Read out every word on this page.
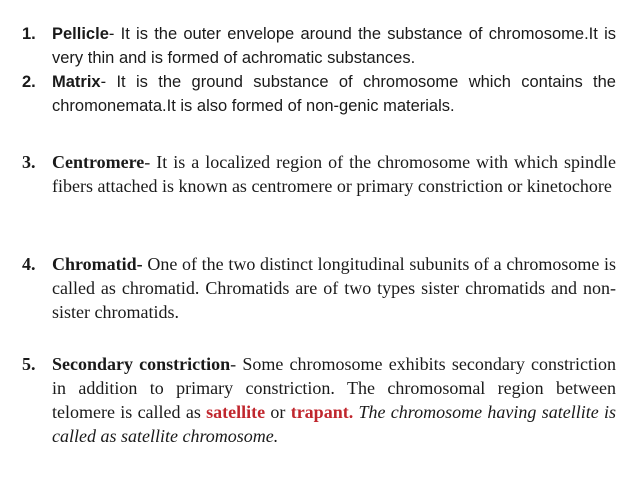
1. Pellicle- It is the outer envelope around the substance of chromosome.It is very thin and is formed of achromatic substances.
2. Matrix- It is the ground substance of chromosome which contains the chromonemata.It is also formed of non-genic materials.
3. Centromere- It is a localized region of the chromosome with which spindle fibers attached is known as centromere or primary constriction or kinetochore
4. Chromatid- One of the two distinct longitudinal subunits of a chromosome is called as chromatid. Chromatids are of two types sister chromatids and non- sister chromatids.
5. Secondary constriction- Some chromosome exhibits secondary constriction in addition to primary constriction. The chromosomal region between telomere is called as satellite or trapant. The chromosome having satellite is called as satellite chromosome.
